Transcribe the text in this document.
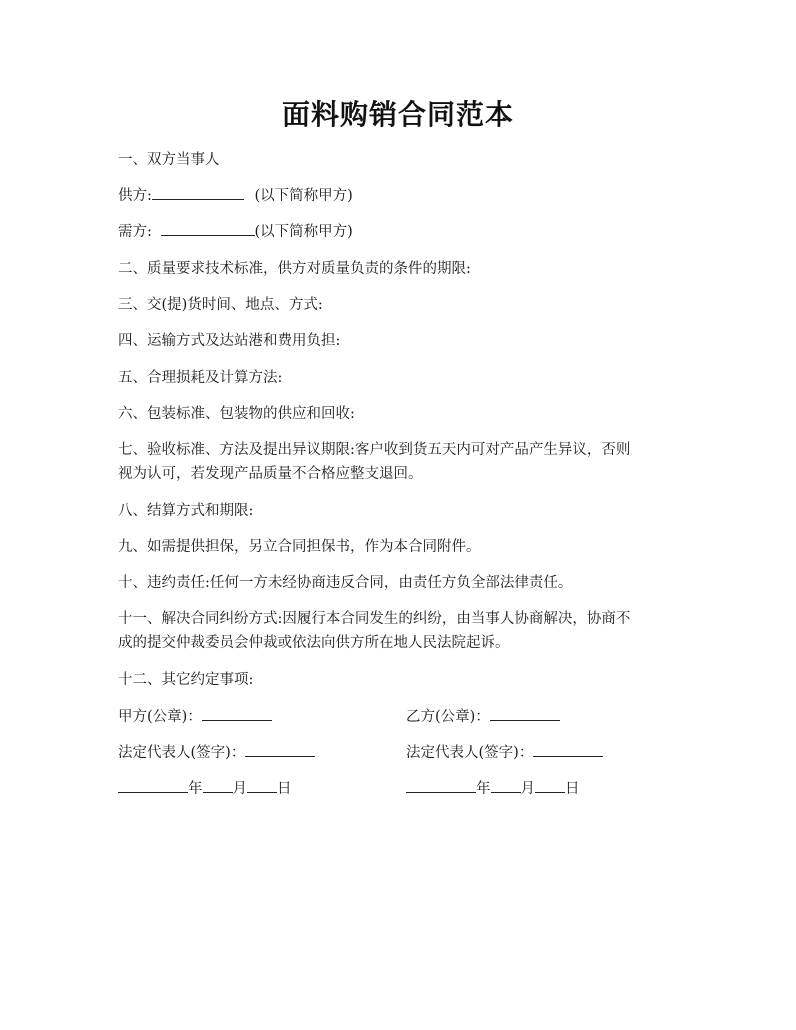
面料购销合同范本
一、双方当事人
供方:	(以下简称甲方)
需方:	(以下简称甲方)
二、质量要求技术标准，供方对质量负责的条件的期限:
三、交(提)货时间、地点、方式:
四、运输方式及达站港和费用负担:
五、合理损耗及计算方法:
六、包装标准、包装物的供应和回收:
七、验收标准、方法及提出异议期限:客户收到货五天内可对产品产生异议，否则
视为认可，若发现产品质量不合格应整支退回。
八、结算方式和期限:
九、如需提供担保，另立合同担保书，作为本合同附件。
十、违约责任:任何一方未经协商违反合同，由责任方负全部法律责任。
十一、解决合同纠纷方式:因履行本合同发生的纠纷，由当事人协商解决，协商不
成的提交仲裁委员会仲裁或依法向供方所在地人民法院起诉。
十二、其它约定事项:
甲方(公章)：	乙方(公章)：
法定代表人(签字)：	法定代表人(签字)：
年 月 日	年 月 日
